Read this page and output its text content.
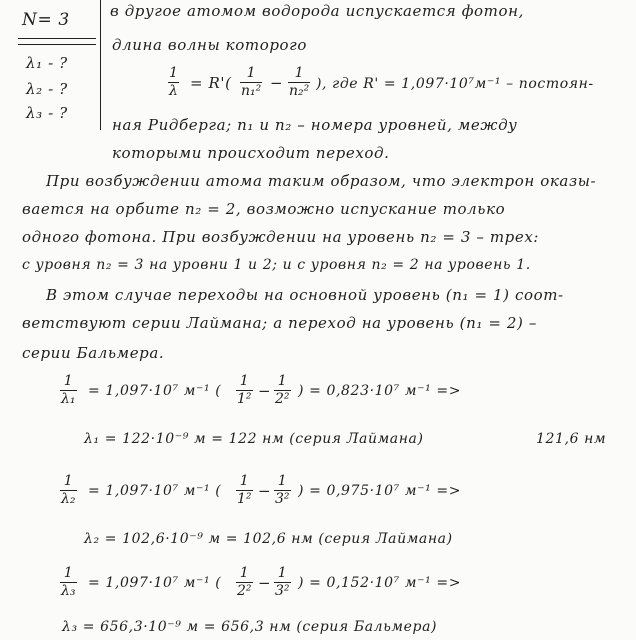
N= 3
λ₁ - ?
λ₂ - ?
λ₃ - ?
в другое атомом водорода испускается фотон,
длина волны которого
1
λ = R'(
1
n₁² −
1
n₂² ), где R' = 1,097·10⁷м⁻¹ – постоян-
ная Ридберга; n₁ и n₂ – номера уровней, между
которыми происходит переход.
При возбуждении атома таким образом, что электрон оказы-
вается на орбите n₂ = 2, возможно испускание только
одного фотона. При возбуждении на уровень n₂ = 3 – трех:
с уровня n₂ = 3 на уровни 1 и 2; и с уровня n₂ = 2 на уровень 1.
В этом случае переходы на основной уровень (n₁ = 1) соот-
ветствуют серии Лаймана; а переход на уровень (n₁ = 2) –
серии Бальмера.
1
λ₁ = 1,097·10⁷ м⁻¹ (
1
1² −
1
2² ) = 0,823·10⁷ м⁻¹ =>
λ₁ = 122·10⁻⁹ м = 122 нм (серия Лаймана)	121,6 нм
1
λ₂ = 1,097·10⁷ м⁻¹ (
1
1² −
1
3² ) = 0,975·10⁷ м⁻¹ =>
λ₂ = 102,6·10⁻⁹ м = 102,6 нм (серия Лаймана)
1
λ₃ = 1,097·10⁷ м⁻¹ (
1
2² −
1
3² ) = 0,152·10⁷ м⁻¹ =>
λ₃ = 656,3·10⁻⁹ м = 656,3 нм (серия Бальмера)
